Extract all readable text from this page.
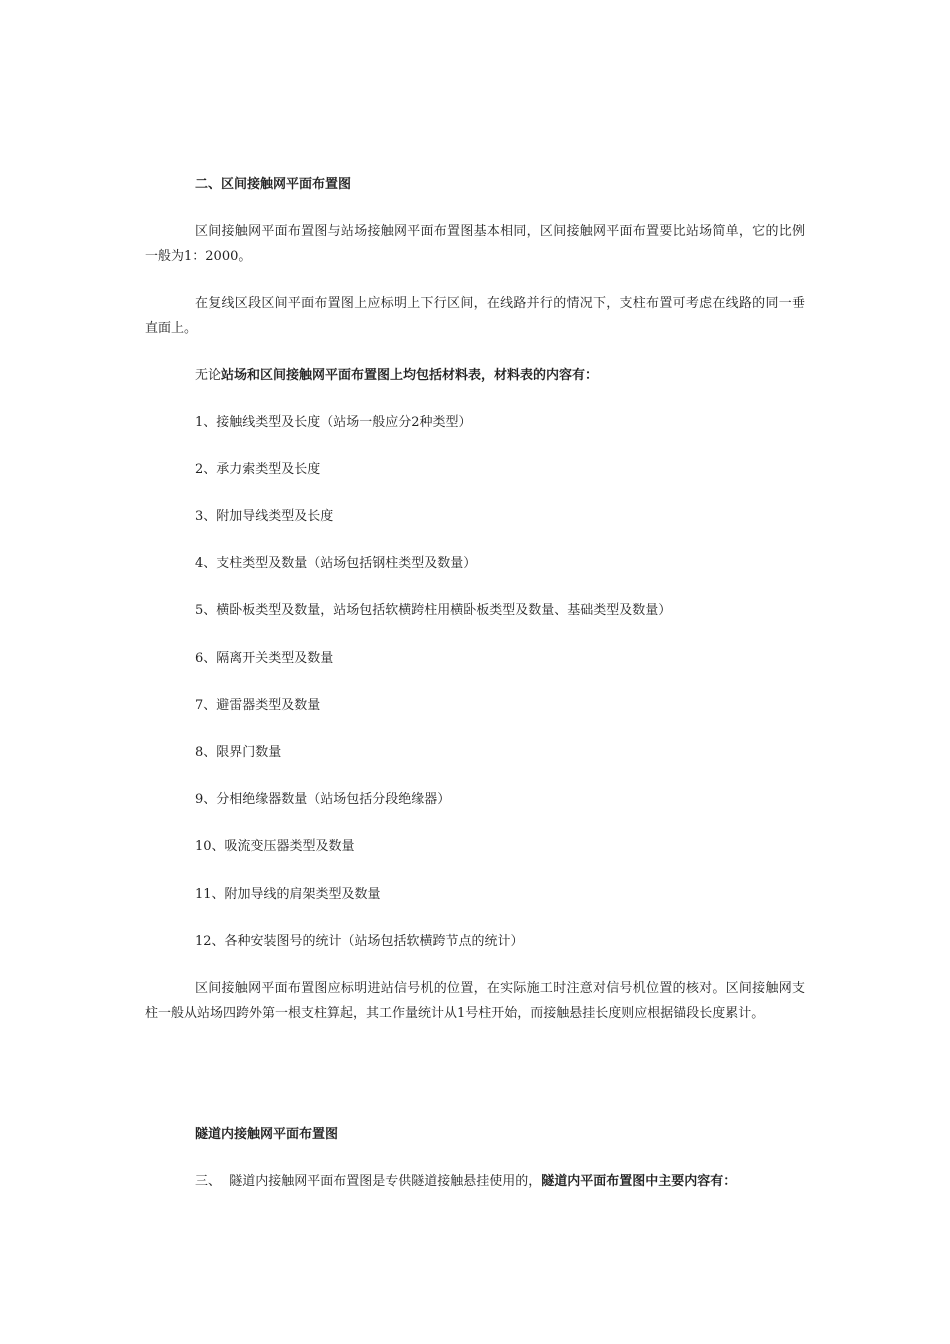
二、区间接触网平面布置图
区间接触网平面布置图与站场接触网平面布置图基本相同，区间接触网平面布置要比站场简单，它的比例一般为1：2000。
在复线区段区间平面布置图上应标明上下行区间，在线路并行的情况下，支柱布置可考虑在线路的同一垂直面上。
无论站场和区间接触网平面布置图上均包括材料表，材料表的内容有：
1、接触线类型及长度（站场一般应分2种类型）
2、承力索类型及长度
3、附加导线类型及长度
4、支柱类型及数量（站场包括钢柱类型及数量）
5、横卧板类型及数量，站场包括软横跨柱用横卧板类型及数量、基础类型及数量）
6、隔离开关类型及数量
7、避雷器类型及数量
8、限界门数量
9、分相绝缘器数量（站场包括分段绝缘器）
10、吸流变压器类型及数量
11、附加导线的肩架类型及数量
12、各种安装图号的统计（站场包括软横跨节点的统计）
区间接触网平面布置图应标明进站信号机的位置，在实际施工时注意对信号机位置的核对。区间接触网支柱一般从站场四跨外第一根支柱算起，其工作量统计从1号柱开始，而接触悬挂长度则应根据锚段长度累计。
隧道内接触网平面布置图
三、  隧道内接触网平面布置图是专供隧道接触悬挂使用的，隧道内平面布置图中主要内容有：
